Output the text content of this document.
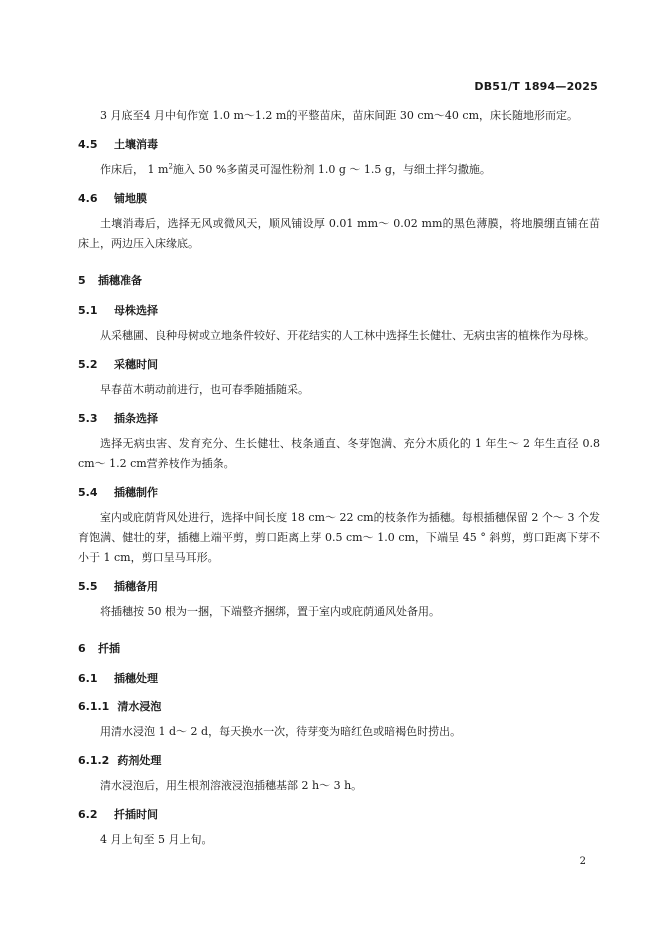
DB51/T 1894—2025

3 月底至4 月中旬作宽 1.0 m～1.2 m的平整苗床，苗床间距 30 cm～40 cm，床长随地形而定。

4.5 土壤消毒

作床后， 1 $m^2$施入 50 %多菌灵可湿性粉剂 1.0 g ～ 1.5 g，与细土拌匀撒施。

4.6 铺地膜

土壤消毒后，选择无风或微风天，顺风铺设厚 0.01 mm～ 0.02 mm的黑色薄膜，将地膜绷直铺在苗床上，两边压入床缘底。

5 插穗准备
5.1 母株选择

从采穗圃、良种母树或立地条件较好、开花结实的人工林中选择生长健壮、无病虫害的植株作为母株。

5.2 采穗时间

早春苗木萌动前进行，也可春季随插随采。

5.3 插条选择

选择无病虫害、发育充分、生长健壮、枝条通直、冬芽饱满、充分木质化的 1 年生～ 2 年生直径 0.8 cm～ 1.2 cm营养枝作为插条。

5.4 插穗制作

室内或庇荫背风处进行，选择中间长度 18 cm～ 22 cm的枝条作为插穗。每根插穗保留 2 个～ 3 个发育饱满、健壮的芽，插穗上端平剪，剪口距离上芽 0.5 cm～ 1.0 cm，下端呈 45 ° 斜剪，剪口距离下芽不小于 1 cm，剪口呈马耳形。

5.5 插穗备用

将插穗按 50 根为一捆，下端整齐捆绑，置于室内或庇荫通风处备用。

6 扦插
6.1 插穗处理
6.1.1 清水浸泡

用清水浸泡 1 d～ 2 d，每天换水一次，待芽变为暗红色或暗褐色时捞出。

6.1.2 药剂处理

清水浸泡后，用生根剂溶液浸泡插穗基部 2 h～ 3 h。

6.2 扦插时间

4 月上旬至 5 月上旬。

2
